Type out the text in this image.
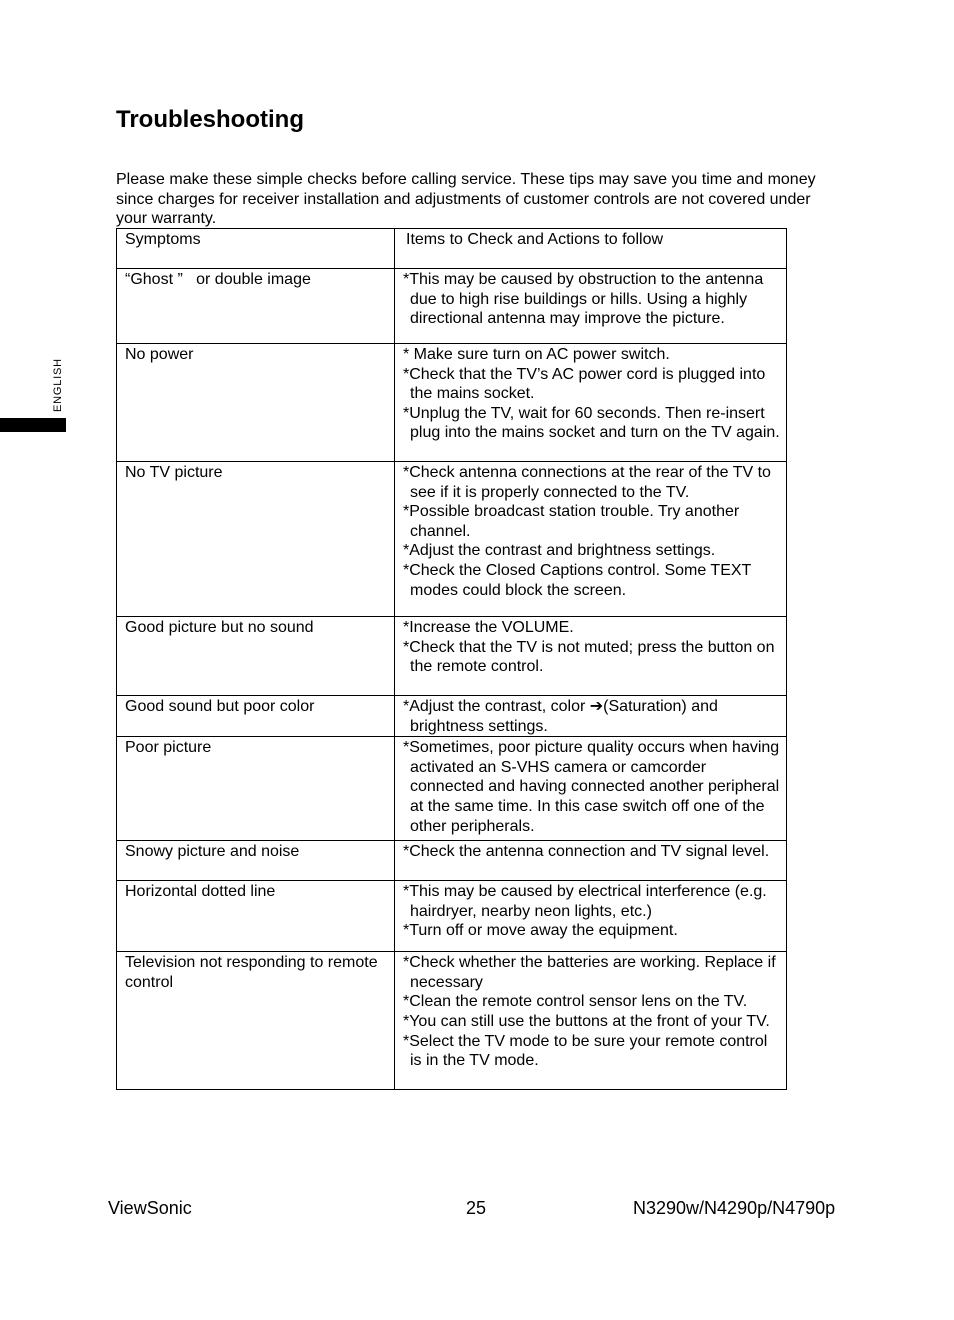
Troubleshooting

Please make these simple checks before calling service. These tips may save you time and money since charges for receiver installation and adjustments of customer controls are not covered under your warranty.

ENGLISH
Symptoms	Items to Check and Actions to follow

“Ghost ”   or double image	*This may be caused by obstruction to the antenna due to high rise buildings or hills. Using a highly directional antenna may improve the picture.

No power	* Make sure turn on AC power switch.
*Check that the TV’s AC power cord is plugged into the mains socket.
*Unplug the TV, wait for 60 seconds. Then re-insert plug into the mains socket and turn on the TV again.

No TV picture	*Check antenna connections at the rear of the TV to see if it is properly connected to the TV.
*Possible broadcast station trouble. Try another channel.
*Adjust the contrast and brightness settings.
*Check the Closed Captions control. Some TEXT modes could block the screen.

Good picture but no sound	*Increase the VOLUME.
*Check that the TV is not muted; press the button on the remote control.

Good sound but poor color	*Adjust the contrast, color ➔(Saturation) and brightness settings.

Poor picture	*Sometimes, poor picture quality occurs when having activated an S-VHS camera or camcorder connected and having connected another peripheral at the same time. In this case switch off one of the other peripherals.

Snowy picture and noise	*Check the antenna connection and TV signal level.

Horizontal dotted line	*This may be caused by electrical interference (e.g. hairdryer, nearby neon lights, etc.)
*Turn off or move away the equipment.

Television not responding to remote control	*Check whether the batteries are working. Replace if necessary
*Clean the remote control sensor lens on the TV.
*You can still use the buttons at the front of your TV.
*Select the TV mode to be sure your remote control is in the TV mode.
ViewSonic	25	N3290w/N4290p/N4790p
